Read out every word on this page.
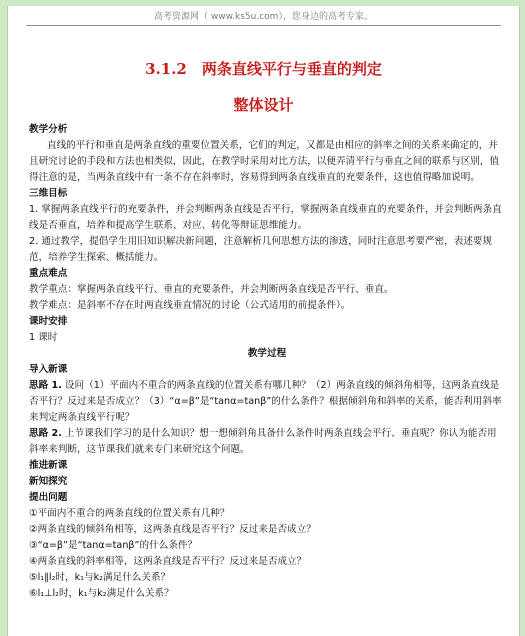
高考资源网（ www.ks5u.com），您身边的高考专家。
3.1.2　两条直线平行与垂直的判定
整体设计

教学分析

直线的平行和垂直是两条直线的重要位置关系，它们的判定，又都是由相应的斜率之间的关系来确定的，并且研究讨论的手段和方法也相类似，因此，在教学时采用对比方法，以便弄清平行与垂直之间的联系与区别，值得注意的是，当两条直线中有一条不存在斜率时，容易得到两条直线垂直的充要条件，这也值得略加说明。

三维目标

1. 掌握两条直线平行的充要条件，并会判断两条直线是否平行，掌握两条直线垂直的充要条件，并会判断两条直线是否垂直，培养和提高学生联系、对应、转化等辩证思维能力。

2. 通过教学，提倡学生用旧知识解决新问题，注意解析几何思想方法的渗透，同时注意思考要严密，表述要规范，培养学生探索、概括能力。

重点难点

教学重点：掌握两条直线平行、垂直的充要条件，并会判断两条直线是否平行、垂直。

教学难点：是斜率不存在时两直线垂直情况的讨论（公式适用的前提条件）。

课时安排

1 课时

教学过程

导入新课

思路 1. 设问（1）平面内不重合的两条直线的位置关系有哪几种？（2）两条直线的倾斜角相等，这两条直线是否平行？反过来是否成立？（3）“α=β”是“tanα=tanβ”的什么条件？根据倾斜角和斜率的关系，能否利用斜率来判定两条直线平行呢？

思路 2. 上节课我们学习的是什么知识？想一想倾斜角具备什么条件时两条直线会平行、垂直呢？你认为能否用斜率来判断，这节课我们就来专门来研究这个问题。

推进新课

新知探究

提出问题

①平面内不重合的两条直线的位置关系有几种？

②两条直线的倾斜角相等，这两条直线是否平行？反过来是否成立？

③“α=β”是“tanα=tanβ”的什么条件？

④两条直线的斜率相等，这两条直线是否平行？反过来是否成立？

⑤l₁∥l₂时，k₁与k₂满足什么关系？

⑥l₁⊥l₂时，k₁与k₂满足什么关系？
